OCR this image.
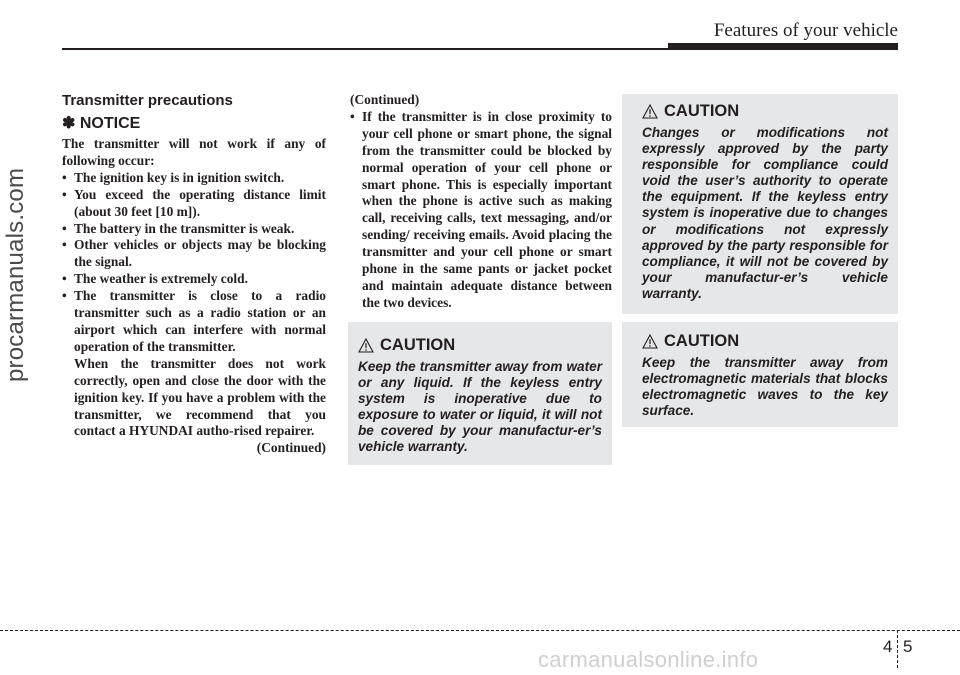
Features of your vehicle
procarmanuals.com
Transmitter precautions
✽ NOTICE

The transmitter will not work if any of following occur:

• The ignition key is in ignition switch.
• You exceed the operating distance limit (about 30 feet [10 m]).
• The battery in the transmitter is weak.
• Other vehicles or objects may be blocking the signal.
• The weather is extremely cold.
• The transmitter is close to a radio transmitter such as a radio station or an airport which can interfere with normal operation of the transmitter.

When the transmitter does not work correctly, open and close the door with the ignition key. If you have a problem with the transmitter, we recommend that you contact a HYUNDAI autho-rised repairer.

(Continued)

(Continued)

• If the transmitter is in close proximity to your cell phone or smart phone, the signal from the transmitter could be blocked by normal operation of your cell phone or smart phone. This is especially important when the phone is active such as making call, receiving calls, text messaging, and/or sending/ receiving emails. Avoid placing the transmitter and your cell phone or smart phone in the same pants or jacket pocket and maintain adequate distance between the two devices.
CAUTION
Keep the transmitter away from water or any liquid. If the keyless entry system is inoperative due to exposure to water or liquid, it will not be covered by your manufactur-er’s vehicle warranty.
CAUTION
Changes or modifications not expressly approved by the party responsible for compliance could void the user’s authority to operate the equipment. If the keyless entry system is inoperative due to changes or modifications not expressly approved by the party responsible for compliance, it will not be covered by your manufactur-er’s vehicle warranty.
CAUTION
Keep the transmitter away from electromagnetic materials that blocks electromagnetic waves to the key surface.
4 5
carmanualsonline.info
